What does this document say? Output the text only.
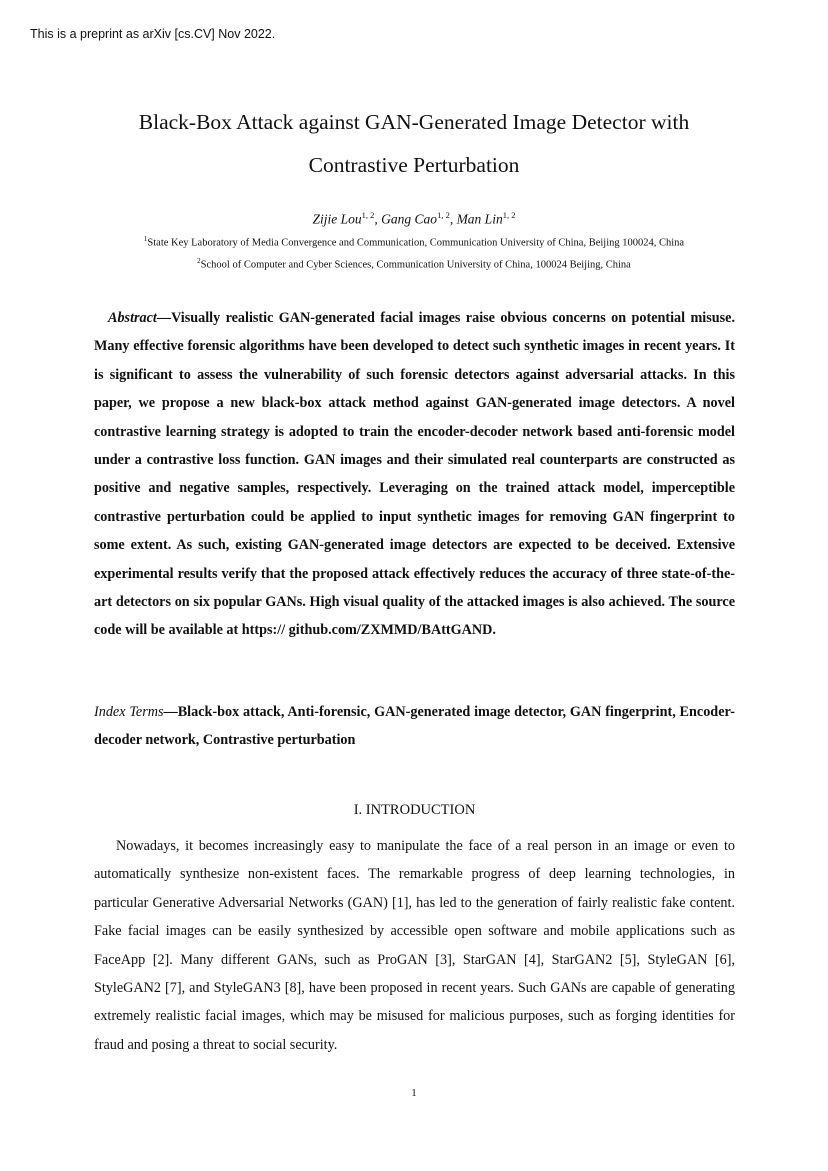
This is a preprint as arXiv [cs.CV] Nov 2022.
Black-Box Attack against GAN-Generated Image Detector with Contrastive Perturbation
Zijie Lou$^{1, 2}$, Gang Cao$^{1, 2}$, Man Lin$^{1, 2}$
$^1$State Key Laboratory of Media Convergence and Communication, Communication University of China, Beijing 100024, China
$^2$School of Computer and Cyber Sciences, Communication University of China, 100024 Beijing, China

Abstract—Visually realistic GAN-generated facial images raise obvious concerns on potential misuse. Many effective forensic algorithms have been developed to detect such synthetic images in recent years. It is significant to assess the vulnerability of such forensic detectors against adversarial attacks. In this paper, we propose a new black-box attack method against GAN-generated image detectors. A novel contrastive learning strategy is adopted to train the encoder-decoder network based anti-forensic model under a contrastive loss function. GAN images and their simulated real counterparts are constructed as positive and negative samples, respectively. Leveraging on the trained attack model, imperceptible contrastive perturbation could be applied to input synthetic images for removing GAN fingerprint to some extent. As such, existing GAN-generated image detectors are expected to be deceived. Extensive experimental results verify that the proposed attack effectively reduces the accuracy of three state-of-the-art detectors on six popular GANs. High visual quality of the attacked images is also achieved. The source code will be available at https:// github.com/ZXMMD/BAttGAND.

Index Terms—Black-box attack, Anti-forensic, GAN-generated image detector, GAN fingerprint, Encoder-decoder network, Contrastive perturbation

I. INTRODUCTION

Nowadays, it becomes increasingly easy to manipulate the face of a real person in an image or even to automatically synthesize non-existent faces. The remarkable progress of deep learning technologies, in particular Generative Adversarial Networks (GAN) [1], has led to the generation of fairly realistic fake content. Fake facial images can be easily synthesized by accessible open software and mobile applications such as FaceApp [2]. Many different GANs, such as ProGAN [3], StarGAN [4], StarGAN2 [5], StyleGAN [6], StyleGAN2 [7], and StyleGAN3 [8], have been proposed in recent years. Such GANs are capable of generating extremely realistic facial images, which may be misused for malicious purposes, such as forging identities for fraud and posing a threat to social security.

1
